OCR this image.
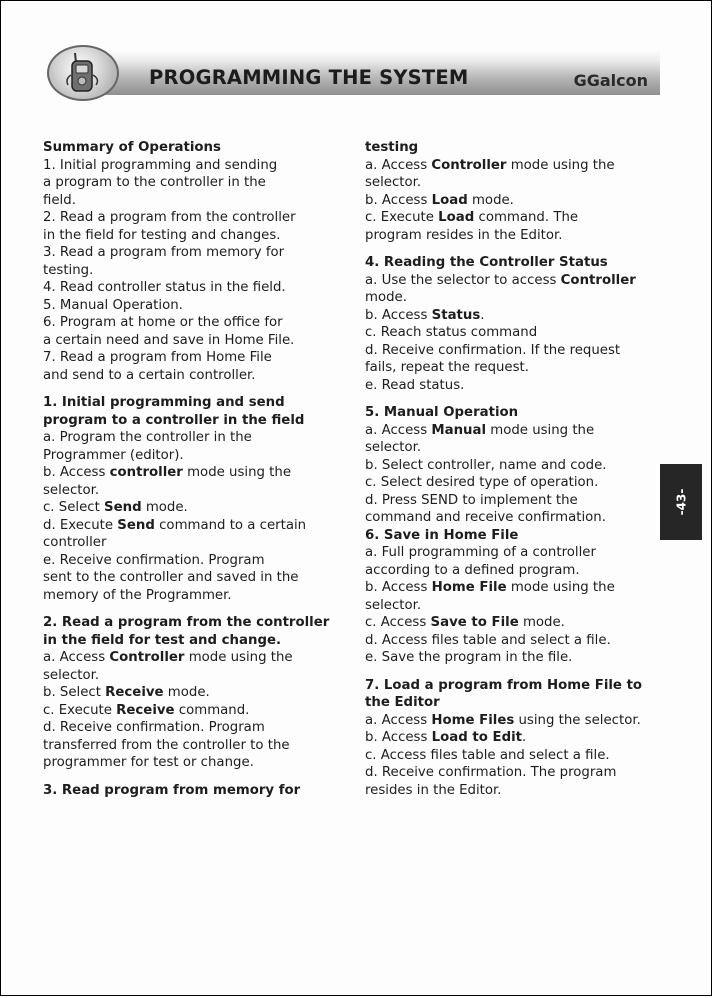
PROGRAMMING THE SYSTEM	GGalcon
Summary of Operations
1. Initial programming and sending
a program to the controller in the
field.
2. Read a program from the controller
in the field for testing and changes.
3. Read a program from memory for
testing.
4. Read controller status in the field.
5. Manual Operation.
6. Program at home or the office for
a certain need and save in Home File.
7. Read a program from Home File
and send to a certain controller.
1. Initial programming and send
program to a controller in the field
a. Program the controller in the
Programmer (editor).
b. Access controller mode using the
selector.
c. Select Send mode.
d. Execute Send command to a certain
controller
e. Receive confirmation. Program
sent to the controller and saved in the
memory of the Programmer.
2. Read a program from the controller
in the field for test and change.
a. Access Controller mode using the
selector.
b. Select Receive mode.
c. Execute Receive command.
d. Receive confirmation. Program
transferred from the controller to the
programmer for test or change.
3. Read program from memory for
testing
a. Access Controller mode using the
selector.
b. Access Load mode.
c. Execute Load command. The
program resides in the Editor.
4. Reading the Controller Status
a. Use the selector to access Controller
mode.
b. Access Status.
c. Reach status command
d. Receive confirmation. If the request
fails, repeat the request.
e. Read status.
5. Manual Operation
a. Access Manual mode using the
selector.
b. Select controller, name and code.
c. Select desired type of operation.
d. Press SEND to implement the
command and receive confirmation.
6. Save in Home File
a. Full programming of a controller
according to a defined program.
b. Access Home File mode using the
selector.
c. Access Save to File mode.
d. Access files table and select a file.
e. Save the program in the file.
7. Load a program from Home File to
the Editor
a. Access Home Files using the selector.
b. Access Load to Edit.
c. Access files table and select a file.
d. Receive confirmation. The program
resides in the Editor.
-43-
